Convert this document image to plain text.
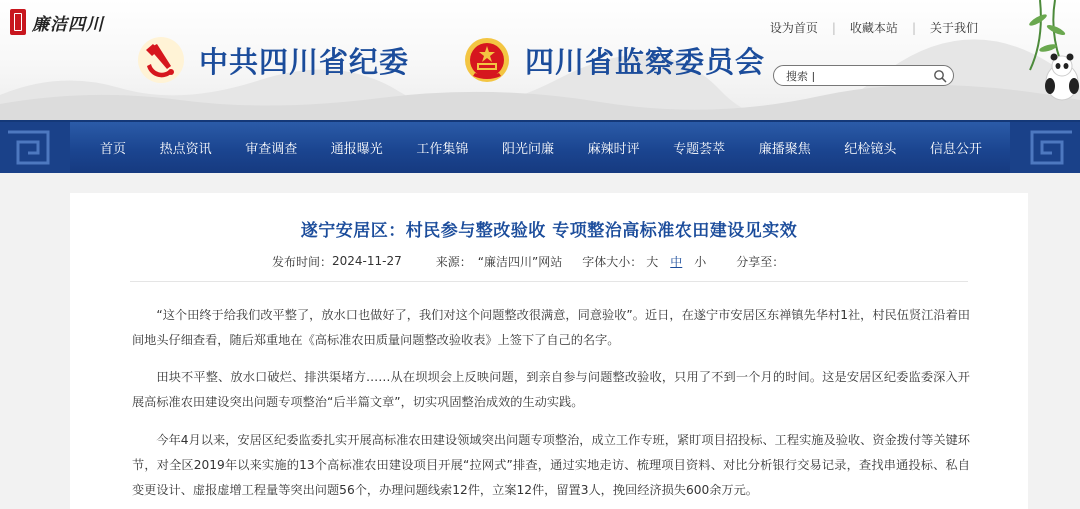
廉洁四川	设为首页	|	收藏本站	|	关于我们
中共四川省纪委	四川省监察委员会
搜索 |
首页	热点资讯	审查调查	通报曝光	工作集锦	阳光问廉	麻辣时评	专题荟萃	廉播聚焦	纪检镜头	信息公开
遂宁安居区：村民参与整改验收 专项整治高标准农田建设见实效
发布时间： 2024-11-27	来源： “廉洁四川”网站 字体大小： 大 中 小	分享至：

“这个田终于给我们改平整了，放水口也做好了，我们对这个问题整改很满意，同意验收”。近日，在遂宁市安居区东禅镇先华村1社，村民伍贤江沿着田间地头仔细查看，随后郑重地在《高标准农田质量问题整改验收表》上签下了自己的名字。

田块不平整、放水口破烂、排洪渠堵方……从在坝坝会上反映问题，到亲自参与问题整改验收，只用了不到一个月的时间。这是安居区纪委监委深入开展高标准农田建设突出问题专项整治“后半篇文章”，切实巩固整治成效的生动实践。

今年4月以来，安居区纪委监委扎实开展高标准农田建设领域突出问题专项整治，成立工作专班，紧盯项目招投标、工程实施及验收、资金拨付等关键环节，对全区2019年以来实施的13个高标准农田建设项目开展“拉网式”排查，通过实地走访、梳理项目资料、对比分析银行交易记录，查找串通投标、私自变更设计、虚报虚增工程量等突出问题56个，办理问题线索12件，立案12件，留置3人，挽回经济损失600余万元。
